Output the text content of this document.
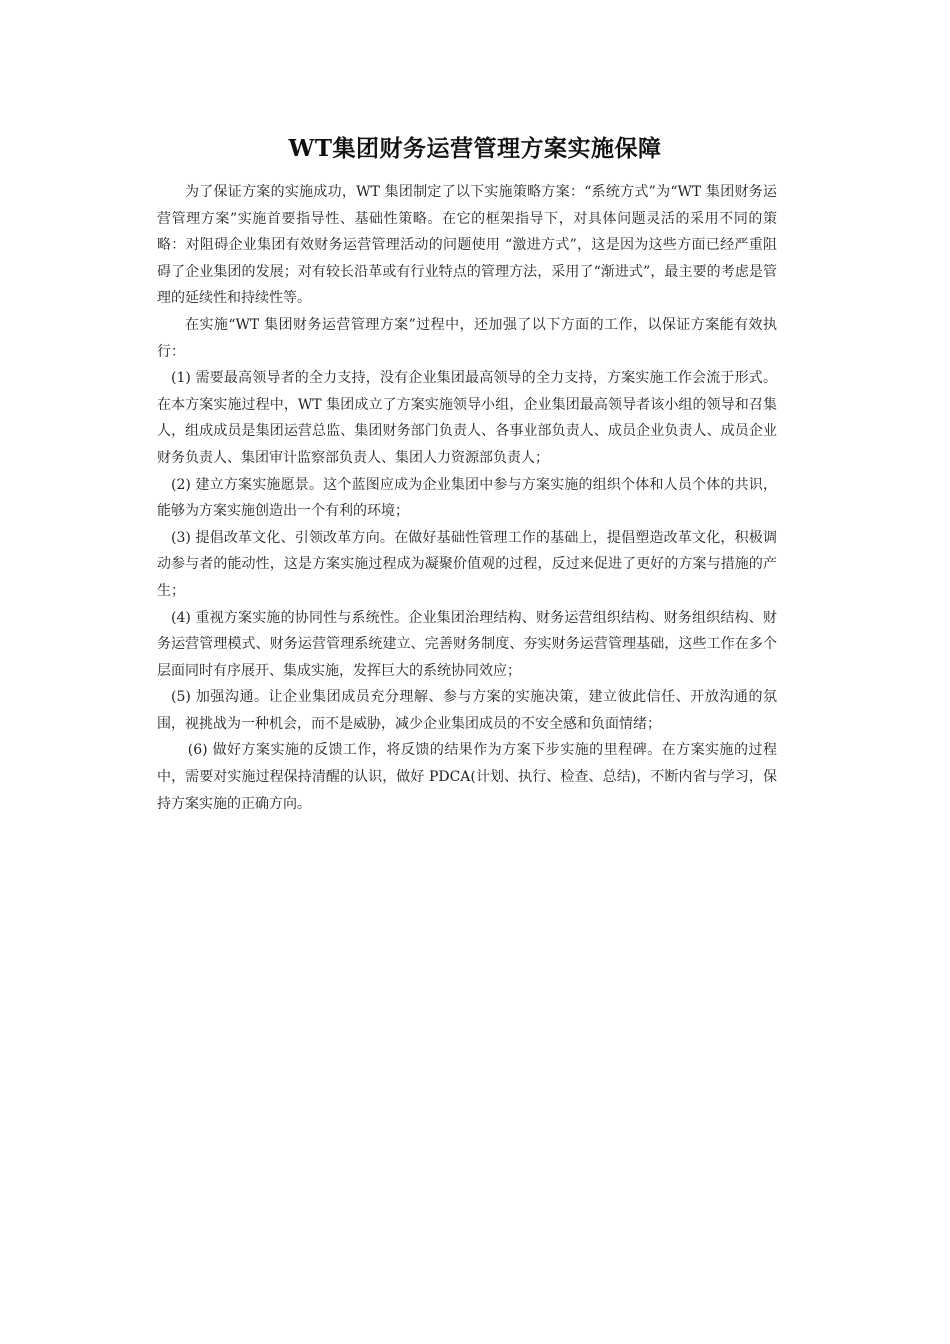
WT集团财务运营管理方案实施保障

为了保证方案的实施成功，WT 集团制定了以下实施策略方案：“系统方式”为“WT 集团财务运营管理方案”实施首要指导性、基础性策略。在它的框架指导下，对具体问题灵活的采用不同的策略：对阻碍企业集团有效财务运营管理活动的问题使用 “激进方式”，这是因为这些方面已经严重阻碍了企业集团的发展；对有较长沿革或有行业特点的管理方法，采用了“渐进式”，最主要的考虑是管理的延续性和持续性等。

在实施“WT 集团财务运营管理方案”过程中，还加强了以下方面的工作，以保证方案能有效执行：

(1) 需要最高领导者的全力支持，没有企业集团最高领导的全力支持，方案实施工作会流于形式。在本方案实施过程中，WT 集团成立了方案实施领导小组，企业集团最高领导者该小组的领导和召集人，组成成员是集团运营总监、集团财务部门负责人、各事业部负责人、成员企业负责人、成员企业财务负责人、集团审计监察部负责人、集团人力资源部负责人；

(2) 建立方案实施愿景。这个蓝图应成为企业集团中参与方案实施的组织个体和人员个体的共识，能够为方案实施创造出一个有利的环境；

(3) 提倡改革文化、引领改革方向。在做好基础性管理工作的基础上，提倡塑造改革文化，积极调动参与者的能动性，这是方案实施过程成为凝聚价值观的过程，反过来促进了更好的方案与措施的产生；

(4) 重视方案实施的协同性与系统性。企业集团治理结构、财务运营组织结构、财务组织结构、财务运营管理模式、财务运营管理系统建立、完善财务制度、夯实财务运营管理基础，这些工作在多个层面同时有序展开、集成实施，发挥巨大的系统协同效应；

(5) 加强沟通。让企业集团成员充分理解、参与方案的实施决策，建立彼此信任、开放沟通的氛围，视挑战为一种机会，而不是威胁，减少企业集团成员的不安全感和负面情绪；

(6) 做好方案实施的反馈工作，将反馈的结果作为方案下步实施的里程碑。在方案实施的过程中，需要对实施过程保持清醒的认识，做好 PDCA(计划、执行、检查、总结)，不断内省与学习，保持方案实施的正确方向。
